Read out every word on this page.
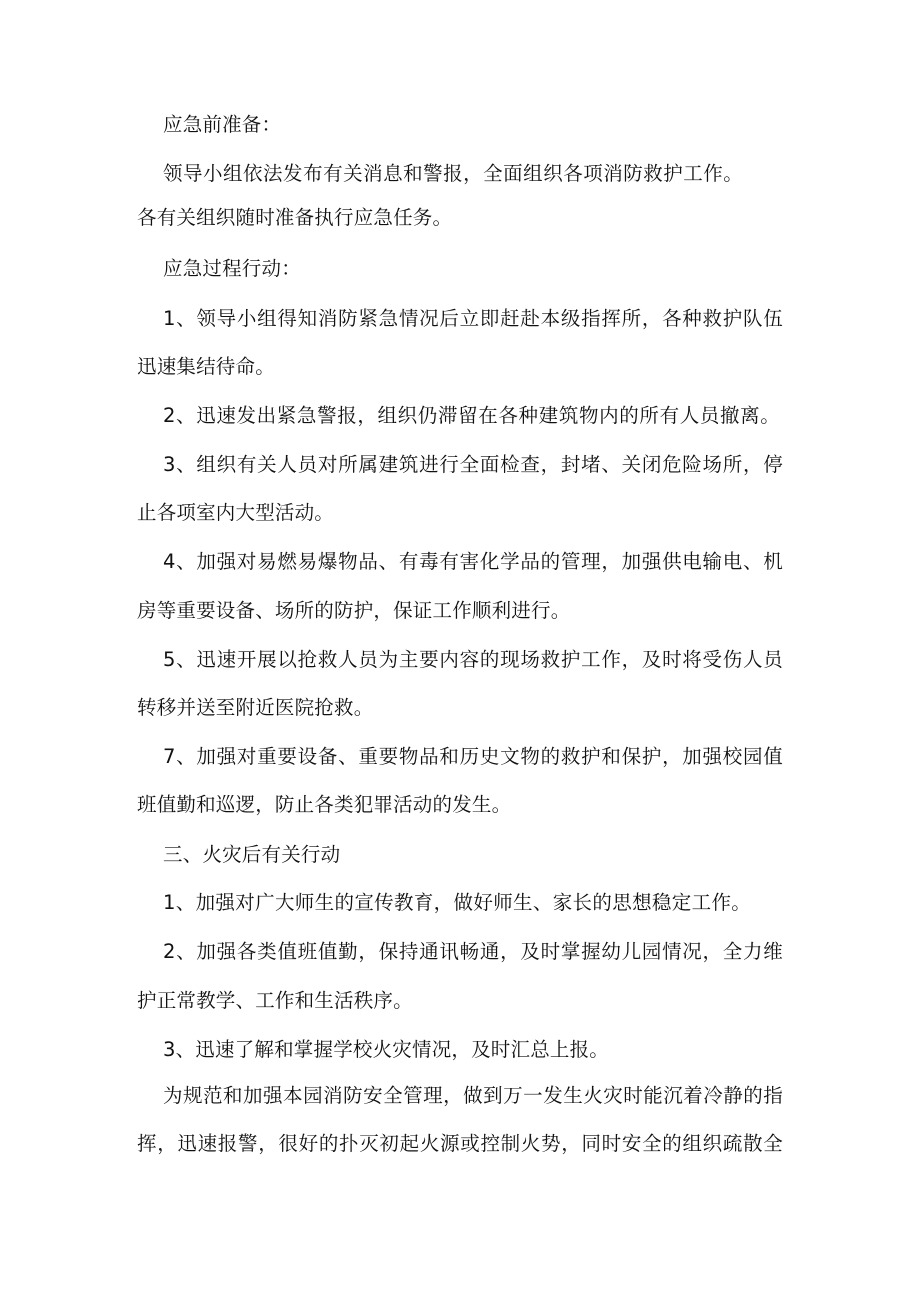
应急前准备：
领导小组依法发布有关消息和警报，全面组织各项消防救护工作。
各有关组织随时准备执行应急任务。
应急过程行动：
1、领导小组得知消防紧急情况后立即赶赴本级指挥所，各种救护队伍
迅速集结待命。
2、迅速发出紧急警报，组织仍滞留在各种建筑物内的所有人员撤离。
3、组织有关人员对所属建筑进行全面检查，封堵、关闭危险场所，停
止各项室内大型活动。
4、加强对易燃易爆物品、有毒有害化学品的管理，加强供电输电、机
房等重要设备、场所的防护，保证工作顺利进行。
5、迅速开展以抢救人员为主要内容的现场救护工作，及时将受伤人员
转移并送至附近医院抢救。
7、加强对重要设备、重要物品和历史文物的救护和保护，加强校园值
班值勤和巡逻，防止各类犯罪活动的发生。
三、火灾后有关行动
1、加强对广大师生的宣传教育，做好师生、家长的思想稳定工作。
2、加强各类值班值勤，保持通讯畅通，及时掌握幼儿园情况，全力维
护正常教学、工作和生活秩序。
3、迅速了解和掌握学校火灾情况，及时汇总上报。
为规范和加强本园消防安全管理，做到万一发生火灾时能沉着冷静的指
挥，迅速报警，很好的扑灭初起火源或控制火势，同时安全的组织疏散全
